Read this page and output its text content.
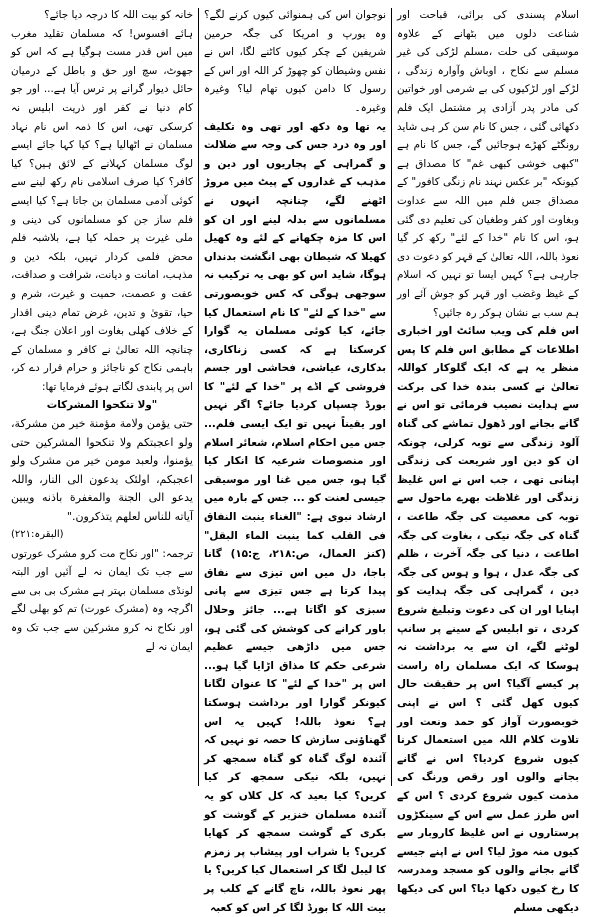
اسلام پسندی کی برائی، قباحت اور شناعت دلوں میں بٹھانے کے علاوہ موسیقی کی حلت ،مسلم لڑکی کی غیر مسلم سے نکاح ، اوباش وآوارہ زندگی ، لڑکے اور لڑکیوں کی بے شرمی اور خواتین کی مادر پدر آزادی پر مشتمل ایک فلم دکھائی گئی ، جس کا نام سن کر ہی شاید رونگٹے کھڑے ہوجائیں گے، جس کا نام ہے "کبھی خوشی کبھی غم" کا مصداق ہے کیونکہ "بر عکس نہند نام زنگی کافور" کے مصداق جس فلم میں اللہ سے عداوت وبغاوت اور کفر وطغیان کی تعلیم دی گئی ہو، اس کا نام "خدا کے لئے" رکھ کر گیا نعوذ باللہ، اللہ تعالیٰ کے قہر کو دعوت دی جارہی ہے؟ کہیں ایسا تو نہیں کہ اسلام کے غیظ وغضب اور قہر کو جوش آئے اور ہم سب بے نشان ہوکر رہ جائیں؟

اس فلم کی ویب سائٹ اور اخباری اطلاعات کے مطابق اس فلم کا پس منظر یہ ہے کہ ایک گلوکار کواللہ تعالیٰ نے کسی بندہ خدا کی برکت سے ہدایت نصیب فرمائی تو اس نے گانے بجانے اور ڈھول تماشے کی گناہ آلود زندگی سے توبہ کرلی، چونکہ ان کو دین اور شریعت کی زندگی اپنانی تھی ، جب اس نے اس غلیظ زندگی اور غلاظت بھرے ماحول سے توبہ کی معصیت کی جگہ طاعت ، گناہ کی جگہ نیکی ، بغاوت کی جگہ اطاعت ، دنیا کی جگہ آخرت ، ظلم کی جگہ عدل ، ہوا و ہوس کی جگہ دین ، گمراہی کی جگہ ہدایت کو اپنایا اور ان کی دعوت وتبلیغ شروع کردی ، تو ابلیس کے سینے پر سانپ لوٹنے لگے، ان سے یہ برداشت نہ ہوسکا کہ ایک مسلمان راہ راست پر کیسے آگیا؟ اس پر حقیقت حال کیوں کھل گئی ؟ اس نے اپنی خوبصورت آواز کو حمد ونعت اور تلاوت کلام اللہ میں استعمال کرنا کیوں شروع کردیا؟ اس نے گانے بجانے والوں اور رقص ورنگ کی مذمت کیوں شروع کردی ؟ اس کے اس طرز عمل سے اس کے سینکڑوں پرستاروں نے اس غلیظ کاروبار سے کیوں منہ موڑ لیا؟ اس نے اپنے جیسے گانے بجانے والوں کو مسجد ومدرسہ کا رخ کیوں دکھا دیا؟ اس کی دیکھا دیکھی مسلم

نوجوان اس کی ہمنوائی کیوں کرنے لگے؟ وہ یورپ و امریکا کی جگہ حرمین شریفین کے چکر کیوں کاٹنے لگا، اس نے نفس وشیطان کو چھوڑ کر اللہ اور اس کے رسول کا دامن کیوں تھام لیا؟ وغیرہ وغیرہ۔

یہ تھا وہ دکھ اور تھی وہ تکلیف اور وہ درد جس کی وجہ سے ضلالت و گمراہی کے پجاریوں اور دین و مذہب کے غداروں کے پیٹ میں مروڑ اٹھنے لگے، چنانچہ انہوں نے مسلمانوں سے بدلہ لینے اور ان کو اس کا مزہ چکھانے کے لئے وہ کھیل کھیلا کہ شیطان بھی انگشت بدنداں ہوگا، شاید اس کو بھی یہ ترکیب نہ سوجھی ہوگی کہ کس خوبصورتی سے "خدا کے لئے" کا نام استعمال کیا جائے، کیا کوئی مسلمان یہ گوارا کرسکتا ہے کہ کسی زناکاری، بدکاری، عیاشی، فحاشی اور جسم فروشی کے اڈے پر "خدا کے لئے" کا بورڈ چسپاں کردیا جائے؟ اگر نہیں اور یقیناً نہیں تو ایک ایسی فلم... جس میں احکام اسلام، شعائر اسلام اور منصوصات شرعیہ کا انکار کیا گیا ہو، جس میں غنا اور موسیقی جیسی لعنت کو ... جس کے بارہ میں ارشاد نبوی ہے: "الغناء ینبت النفاق فی القلب کما ینبت الماء البقل" (کنز العمال، ص:۲۱۸، ج:۱۵) گانا باجا، دل میں اس تیزی سے نفاق پیدا کرتا ہے جس تیزی سے پانی سبزی کو اگاتا ہے... جائز وحلال باور کرانے کی کوشش کی گئی ہو، جس میں داڑھی جیسے عظیم شرعی حکم کا مذاق اڑایا گیا ہو... اس پر "خدا کے لئے" کا عنوان لگانا کیونکر گوارا اور برداشت ہوسکتا ہے؟ نعوذ باللہ! کہیں یہ اس گھناؤنی سازش کا حصہ تو نہیں کہ آئندہ لوگ گناہ کو گناہ سمجھ کر نہیں، بلکہ نیکی سمجھ کر کیا کریں؟ کیا بعید کہ کل کلاں کو یہ آئندہ مسلمان خنزیر کے گوشت کو بکری کے گوشت سمجھ کر کھایا کریں؟ یا شراب اور پیشاب پر زمزم کا لیبل لگا کر استعمال کیا کریں؟ یا پھر نعوذ باللہ، ناچ گانے کے کلب پر بیت اللہ کا بورڈ لگا کر اس کو کعبہ

خانہ کو بیت اللہ کا درجہ دیا جائے؟

ہائے افسوس! کہ مسلمان تقلید مغرب میں اس قدر مست ہوگیا ہے کہ اس کو جھوٹ، سچ اور حق و باطل کے درمیان حائل دیوار گرانے پر ترس آیا ہے... اور جو کام دنیا نے کفر اور ذریت ابلیس نہ کرسکی تھی، اس کا ذمہ اس نام نہاد مسلمان نے اٹھالیا ہے؟ کیا کہا جائے ایسے لوگ مسلمان کہلانے کے لائق ہیں؟ کیا کافر؟ کیا صرف اسلامی نام رکھ لینے سے کوئی آدمی مسلمان بن جاتا ہے؟ کیا ایسے فلم ساز جن کو مسلمانوں کی دینی و ملی غیرت پر حملہ کیا ہے، بلاشبہ فلم محض فلمی کردار نہیں، بلکہ دین و مذہب، امانت و دیانت، شرافت و صداقت، عفت و عصمت، حمیت و غیرت، شرم و حیا، تقویٰ و تدین، غرض تمام دینی اقدار کے خلاف کھلی بغاوت اور اعلان جنگ ہے، چنانچہ اللہ تعالیٰ نے کافر و مسلمان کے باہمی نکاح کو ناجائز و حرام قرار دے کر، اس پر پابندی لگاتے ہوئے فرمایا تھا:

"ولا تنکحوا المشرکات

حتی یؤمن ولامة مؤمنة خیر من مشرکة، ولو اعجبتکم ولا تنکحوا المشرکین حتی یؤمنوا، ولعبد مومن خیر من مشرک ولو اعجبکم، اولئک یدعون الی النار، واللہ یدعو الی الجنة والمغفرة باذنه ویبین آیاته للناس لعلهم یتذکرون."

(البقرہ:۲۲۱)

ترجمہ: "اور نکاح مت کرو مشرک عورتوں سے جب تک ایمان نہ لے آئیں اور البتہ لونڈی مسلمان بہتر ہے مشرک بی بی سے اگرچہ وہ (مشرک عورت) تم کو بھلی لگے اور نکاح نہ کرو مشرکین سے جب تک وہ ایمان نہ لے
